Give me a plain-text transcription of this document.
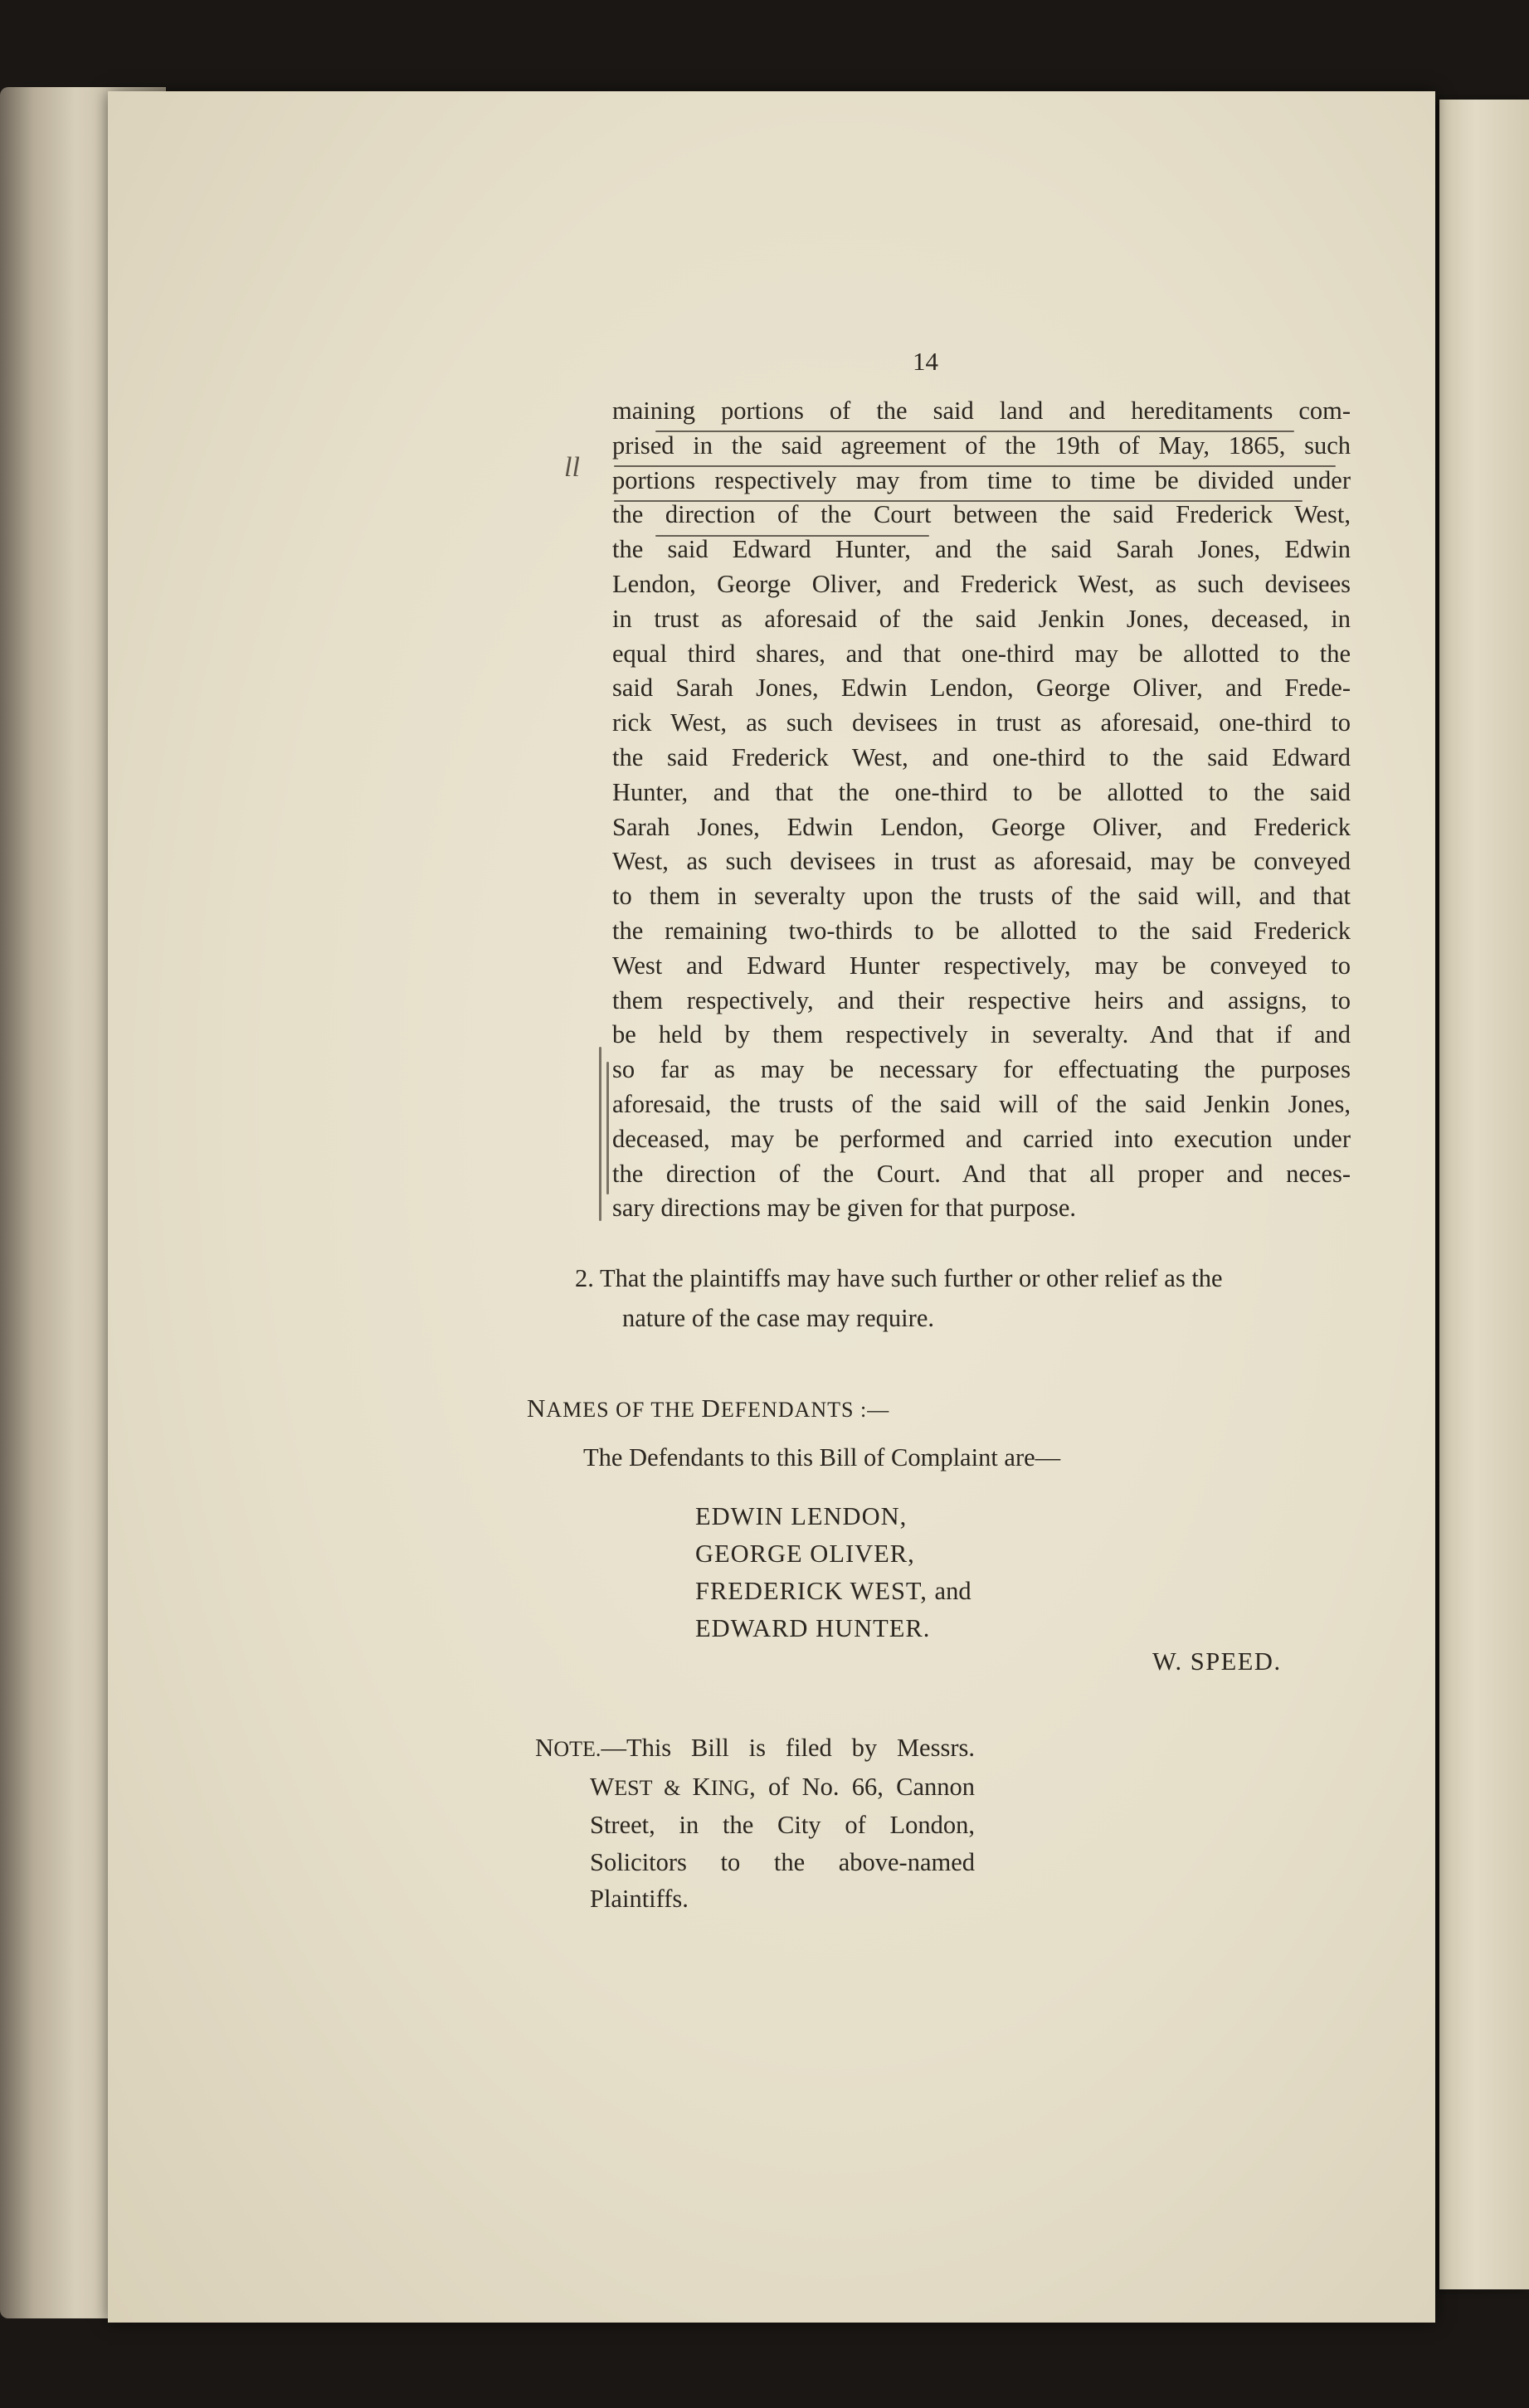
14
ll
maining portions of the said land and hereditaments com-
prised in the said agreement of the 19th of May, 1865, such
portions respectively may from time to time be divided under
the direction of the Court between the said Frederick West,
the said Edward Hunter, and the said Sarah Jones, Edwin
Lendon, George Oliver, and Frederick West, as such devisees
in trust as aforesaid of the said Jenkin Jones, deceased, in
equal third shares, and that one-third may be allotted to the
said Sarah Jones, Edwin Lendon, George Oliver, and Frede-
rick West, as such devisees in trust as aforesaid, one-third to
the said Frederick West, and one-third to the said Edward
Hunter, and that the one-third to be allotted to the said
Sarah Jones, Edwin Lendon, George Oliver, and Frederick
West, as such devisees in trust as aforesaid, may be conveyed
to them in severalty upon the trusts of the said will, and that
the remaining two-thirds to be allotted to the said Frederick
West and Edward Hunter respectively, may be conveyed to
them respectively, and their respective heirs and assigns, to
be held by them respectively in severalty. And that if and
so far as may be necessary for effectuating the purposes
aforesaid, the trusts of the said will of the said Jenkin Jones,
deceased, may be performed and carried into execution under
the direction of the Court. And that all proper and neces-
sary directions may be given for that purpose.
2. That the plaintiffs may have such further or other relief as the
nature of the case may require.
NAMES OF THE DEFENDANTS :—
The Defendants to this Bill of Complaint are—
EDWIN LENDON,
GEORGE OLIVER,
FREDERICK WEST, and
EDWARD HUNTER.
W. SPEED.
NOTE.—This Bill is filed by Messrs.
WEST & KING, of No. 66, Cannon
Street, in the City of London,
Solicitors to the above-named
Plaintiffs.
